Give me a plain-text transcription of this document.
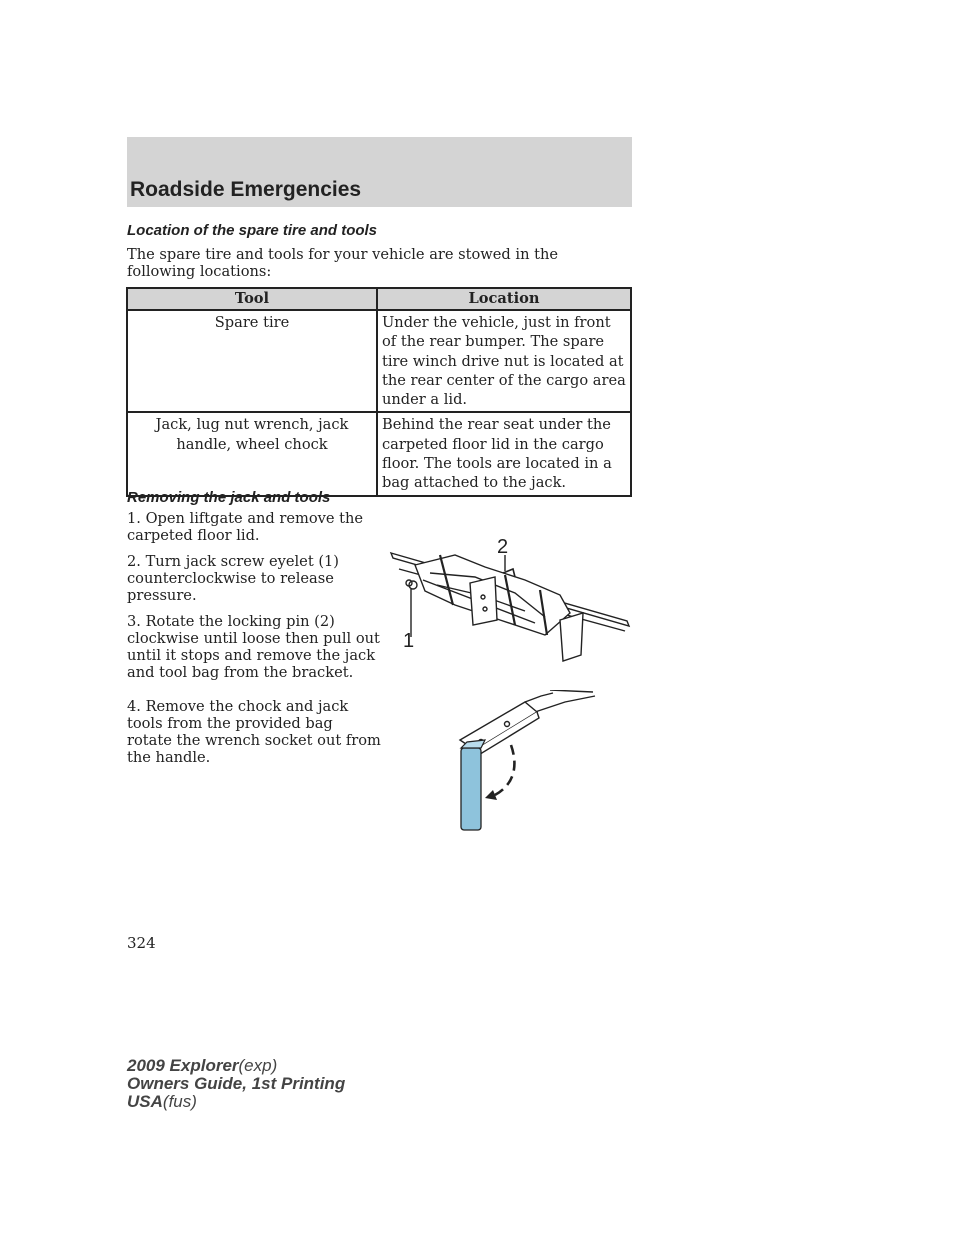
Roadside Emergencies
Location of the spare tire and tools
The spare tire and tools for your vehicle are stowed in the following locations:
Tool	Location
Spare tire	Under the vehicle, just in front of the rear bumper. The spare tire winch drive nut is located at the rear center of the cargo area under a lid.
Jack, lug nut wrench, jack handle, wheel chock	Behind the rear seat under the carpeted floor lid in the cargo floor. The tools are located in a bag attached to the jack.
Removing the jack and tools

1. Open liftgate and remove the carpeted floor lid.

2. Turn jack screw eyelet (1) counterclockwise to release pressure.

3. Rotate the locking pin (2) clockwise until loose then pull out until it stops and remove the jack and tool bag from the bracket.

4. Remove the chock and jack tools from the provided bag rotate the wrench socket out from the handle.

2
1
324
2009 Explorer(exp)
Owners Guide, 1st Printing
USA(fus)
